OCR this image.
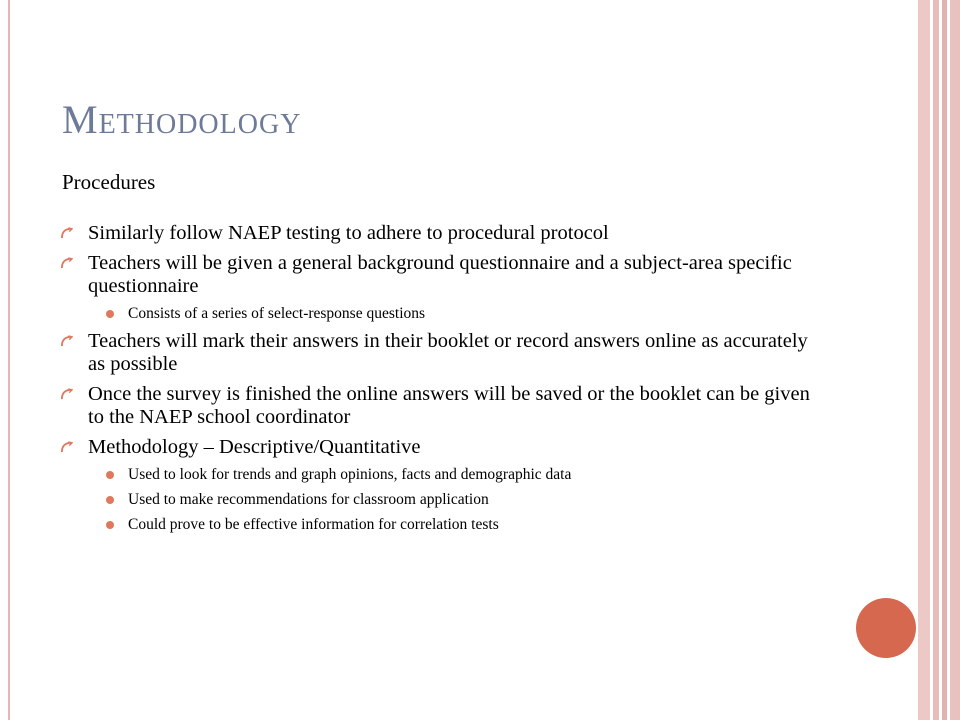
Methodology
Procedures
Similarly follow NAEP testing to adhere to procedural protocol
Teachers will be given a general background questionnaire and a subject-area specific questionnaire
Consists of a series of select-response questions
Teachers will mark their answers in their booklet or record answers online as accurately as possible
Once the survey is finished the online answers will be saved or the booklet can be given to the NAEP school coordinator
Methodology – Descriptive/Quantitative
Used to look for trends and graph opinions, facts and demographic data
Used to make recommendations for classroom application
Could prove to be effective information for correlation tests
